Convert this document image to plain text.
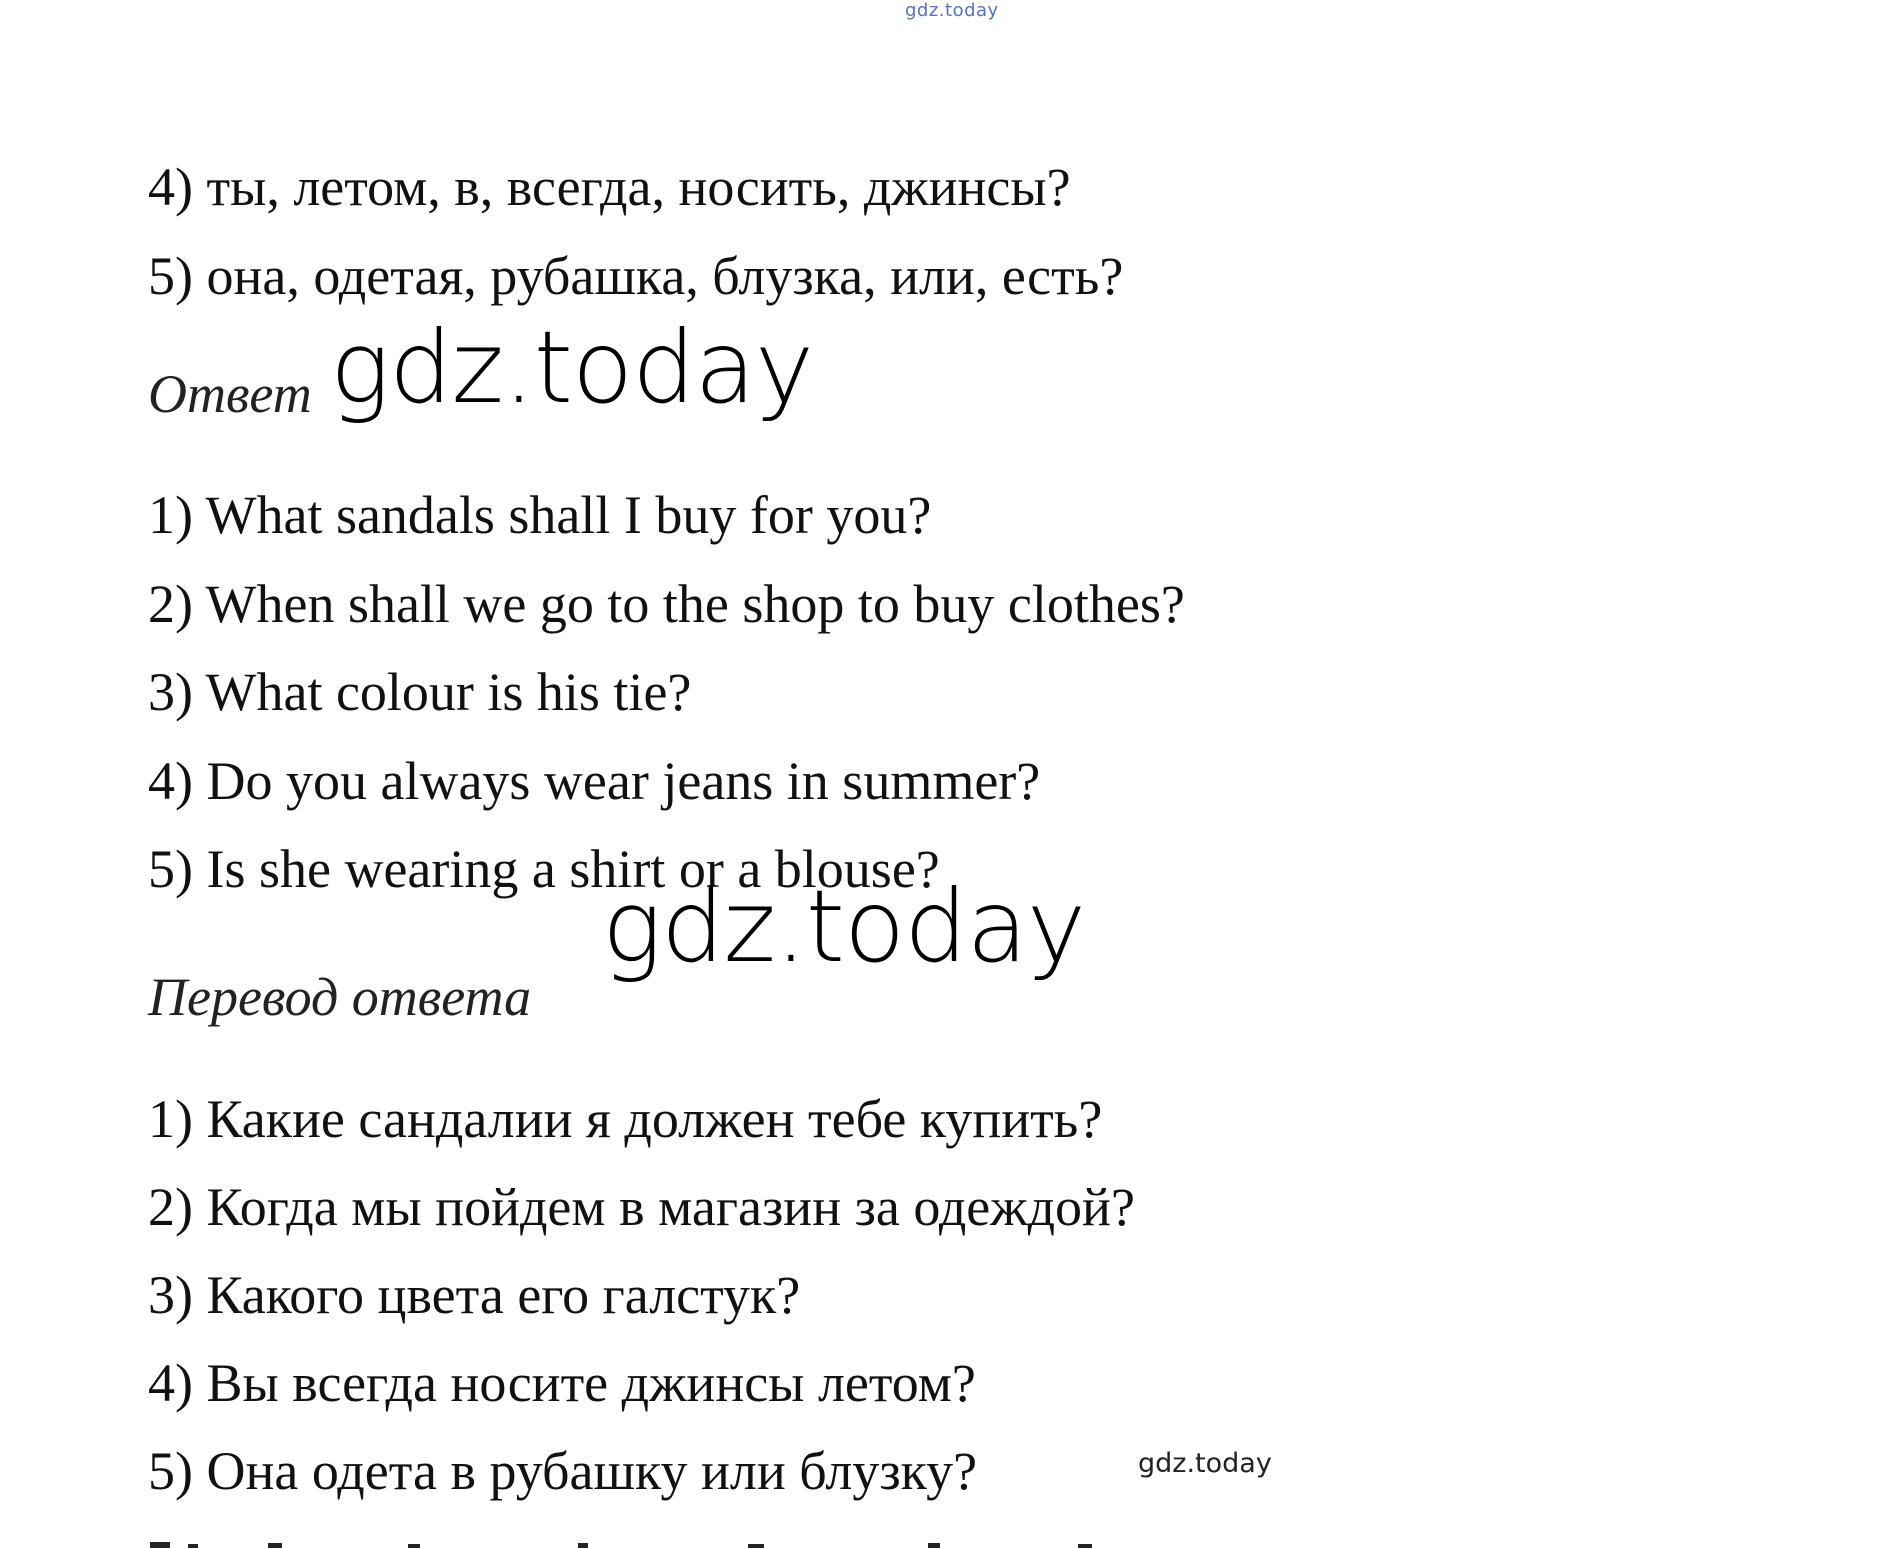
gdz.today
4) ты, летом, в, всегда, носить, джинсы?
5) она, одетая, рубашка, блузка, или, есть?
Ответ gdz.today
1) What sandals shall I buy for you?
2) When shall we go to the shop to buy clothes?
3) What colour is his tie?
4) Do you always wear jeans in summer?
5) Is she wearing a shirt or a blouse?
gdz.today
Перевод ответа
1) Какие сандалии я должен тебе купить?
2) Когда мы пойдем в магазин за одеждой?
3) Какого цвета его галстук?
4) Вы всегда носите джинсы летом?
5) Она одета в рубашку или блузку?	gdz.today
